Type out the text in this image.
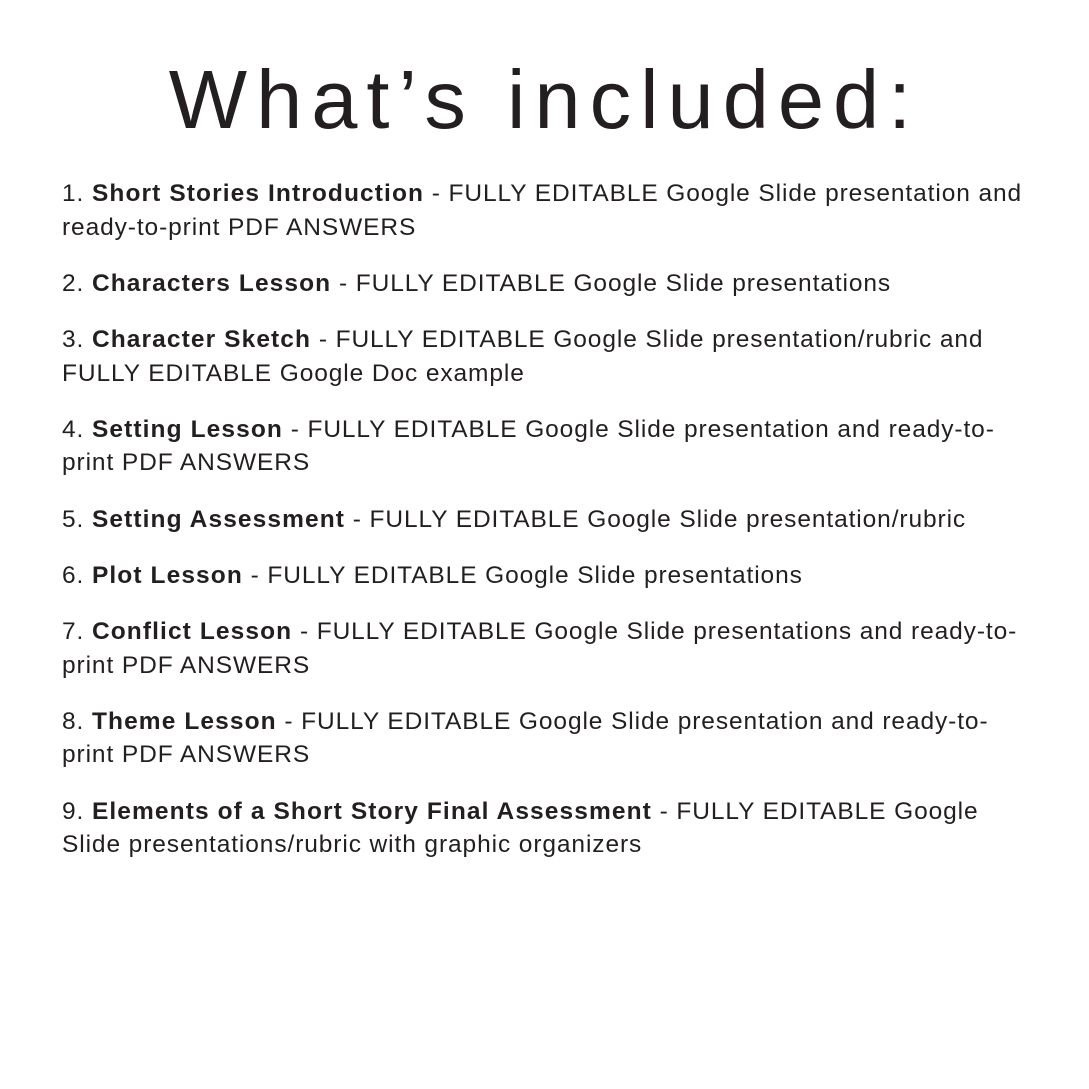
What’s included:
1. Short Stories Introduction - FULLY EDITABLE Google Slide presentation and ready-to-print PDF ANSWERS
2. Characters Lesson - FULLY EDITABLE Google Slide presentations
3. Character Sketch - FULLY EDITABLE Google Slide presentation/rubric and FULLY EDITABLE Google Doc example
4. Setting Lesson - FULLY EDITABLE Google Slide presentation and ready-to-print PDF ANSWERS
5. Setting Assessment - FULLY EDITABLE Google Slide presentation/rubric
6. Plot Lesson - FULLY EDITABLE Google Slide presentations
7. Conflict Lesson - FULLY EDITABLE Google Slide presentations and ready-to-print PDF ANSWERS
8. Theme Lesson - FULLY EDITABLE Google Slide presentation and ready-to-print PDF ANSWERS
9. Elements of a Short Story Final Assessment - FULLY EDITABLE Google Slide presentations/rubric with graphic organizers
